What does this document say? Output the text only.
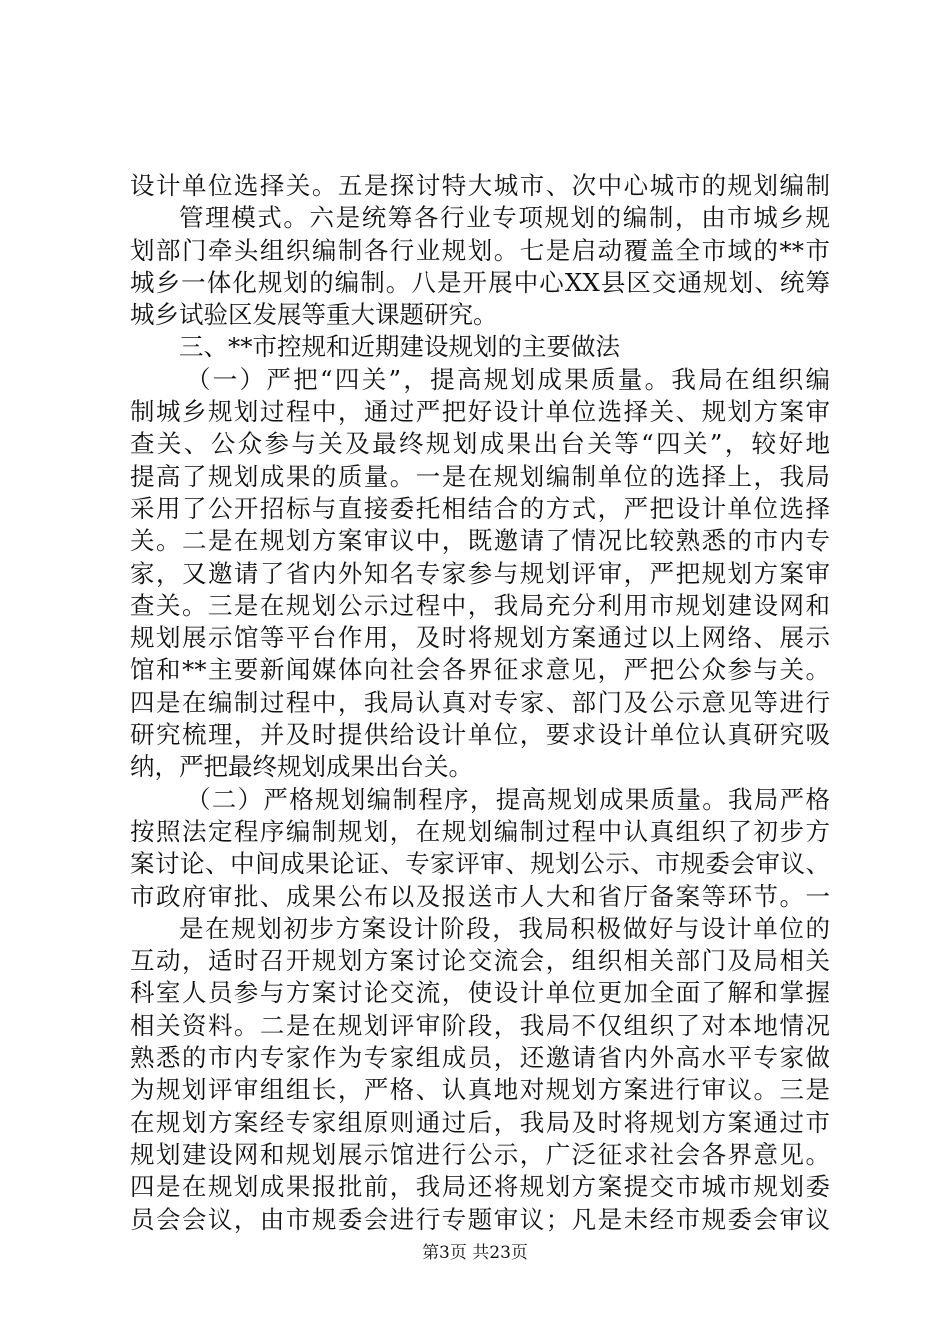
设计单位选择关。五是探讨特大城市、次中心城市的规划编制
管理模式。六是统筹各行业专项规划的编制，由市城乡规
划部门牵头组织编制各行业规划。七是启动覆盖全市域的**市
城乡一体化规划的编制。八是开展中心XX县区交通规划、统筹
城乡试验区发展等重大课题研究。
三、**市控规和近期建设规划的主要做法
（一）严把“四关”，提高规划成果质量。我局在组织编
制城乡规划过程中，通过严把好设计单位选择关、规划方案审
查关、公众参与关及最终规划成果出台关等“四关”，较好地
提高了规划成果的质量。一是在规划编制单位的选择上，我局
采用了公开招标与直接委托相结合的方式，严把设计单位选择
关。二是在规划方案审议中，既邀请了情况比较熟悉的市内专
家，又邀请了省内外知名专家参与规划评审，严把规划方案审
查关。三是在规划公示过程中，我局充分利用市规划建设网和
规划展示馆等平台作用，及时将规划方案通过以上网络、展示
馆和**主要新闻媒体向社会各界征求意见，严把公众参与关。
四是在编制过程中，我局认真对专家、部门及公示意见等进行
研究梳理，并及时提供给设计单位，要求设计单位认真研究吸
纳，严把最终规划成果出台关。
（二）严格规划编制程序，提高规划成果质量。我局严格
按照法定程序编制规划，在规划编制过程中认真组织了初步方
案讨论、中间成果论证、专家评审、规划公示、市规委会审议、
市政府审批、成果公布以及报送市人大和省厅备案等环节。一
是在规划初步方案设计阶段，我局积极做好与设计单位的
互动，适时召开规划方案讨论交流会，组织相关部门及局相关
科室人员参与方案讨论交流，使设计单位更加全面了解和掌握
相关资料。二是在规划评审阶段，我局不仅组织了对本地情况
熟悉的市内专家作为专家组成员，还邀请省内外高水平专家做
为规划评审组组长，严格、认真地对规划方案进行审议。三是
在规划方案经专家组原则通过后，我局及时将规划方案通过市
规划建设网和规划展示馆进行公示，广泛征求社会各界意见。
四是在规划成果报批前，我局还将规划方案提交市城市规划委
员会会议，由市规委会进行专题审议；凡是未经市规委会审议
第3页 共23页
